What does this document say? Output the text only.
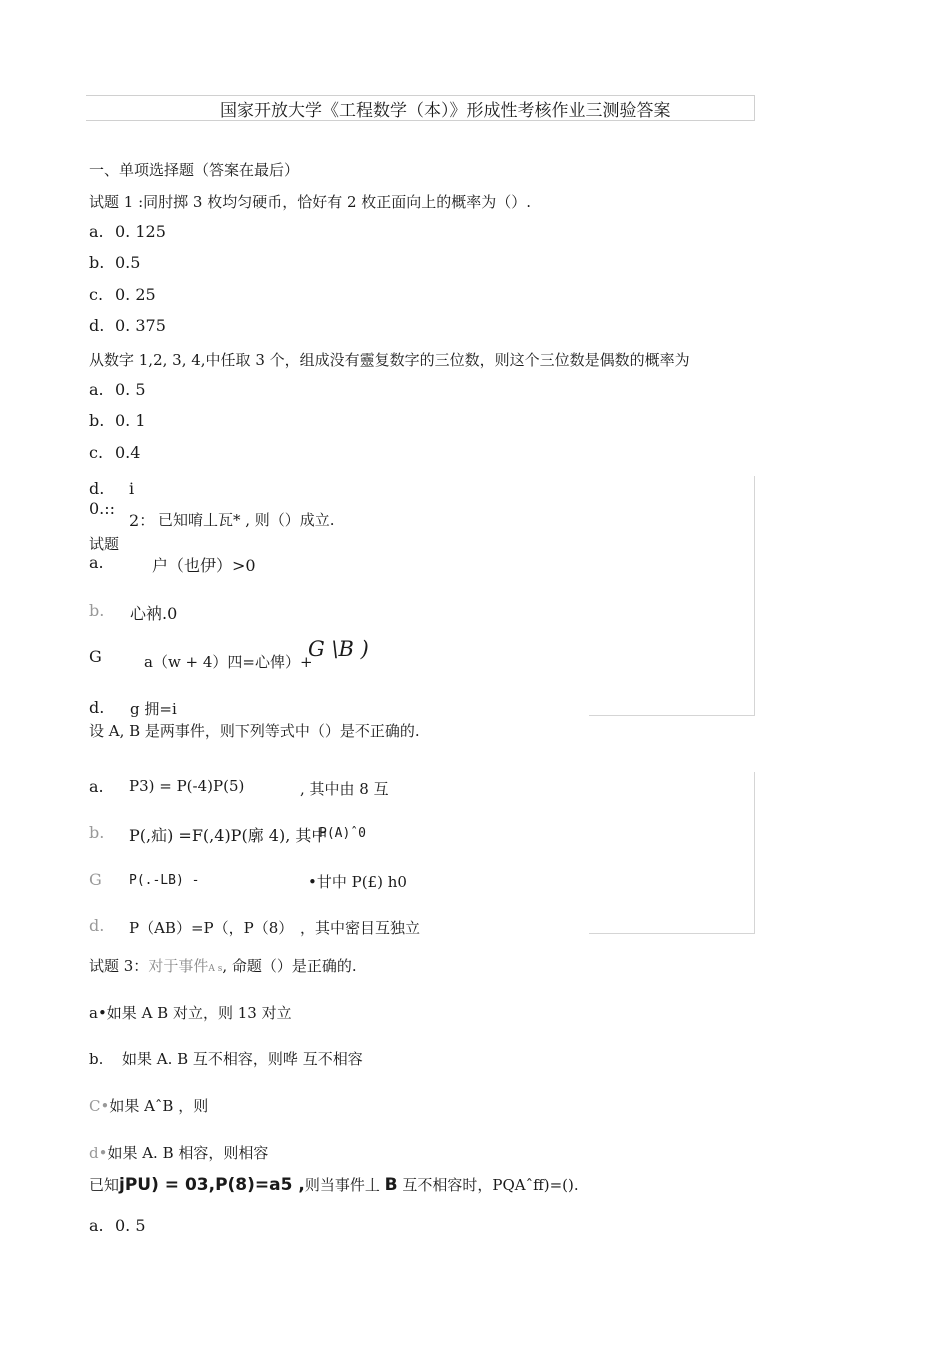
国家开放大学《工程数学（本）》形成性考核作业三测验答案
一、单项选择题（答案在最后）
试题 1 :同肘掷 3 枚均匀硬币，恰好有 2 枚正面向上的概率为（）.
a. 0. 125
b. 0.5
c. 0. 25
d. 0. 375
从数字 1,2, 3, 4,中任取 3 个，组成没有靈复数字的三位数，则这个三位数是偶数的概率为
a. 0. 5
b. 0. 1
c. 0.4
d. i
0.::
2： 已知唷丄瓦* , 则（）成立.
试题
a.	户（也伊）>0
b. 心衲.0
G	a（w + 4）四=心俾）+
G \B )
d. g 拥=i
设 A, B 是两事件，则下列等式中（）是不正确的.
a. P3) = P(-4)P(5)	, 其中由 8 互
b. P(,疝) =F(,4)P(廓 4), 其中
P(A)ˆ0
G P(.-LB) -	•甘中 P(£) h0
d. P（AB）=P（，P（8） ，其中密目互独立
试题 3：对于事件A s, 命题（）是正确的.
a•如果 A B 对立，则 13 对立
b. 如果 A. B 互不相容，则哗 互不相容
C•如果 AˆB ，则
d•如果 A. B 相容，则相容
已知jPU) = 03,P(8)=a5 ,则当事件丄 B 互不相容时，PQAˆff)=().
a. 0. 5
